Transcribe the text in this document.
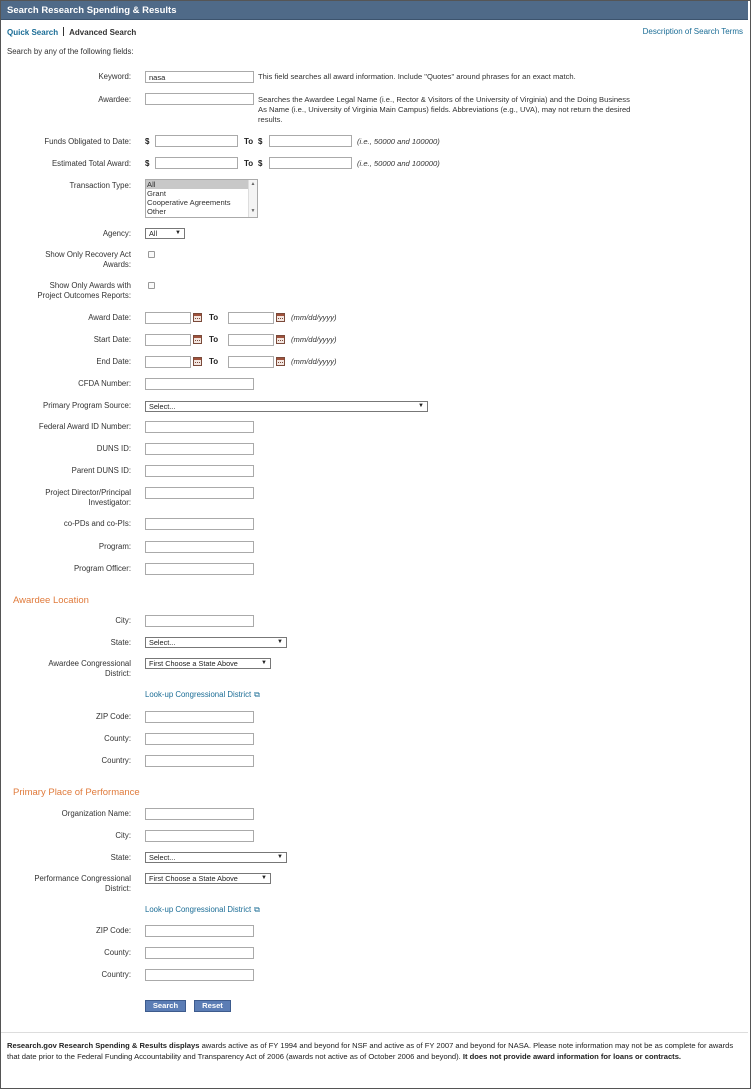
Search Research Spending & Results
Quick Search Advanced Search	Description of Search Terms
Search by any of the following fields:
Keyword:	nasa	This field searches all award information. Include "Quotes" around phrases for an exact match.
Awardee:	Searches the Awardee Legal Name (i.e., Rector & Visitors of the University of Virginia) and the Doing Business As Name (i.e., University of Virginia Main Campus) fields. Abbreviations (e.g., UVA), may not return the desired results.
Funds Obligated to Date: $	To $	(i.e., 50000 and 100000)
Estimated Total Award: $	To $	(i.e., 50000 and 100000)
Transaction Type: All
Grant
Cooperative Agreements
Other
▲

▼
Agency:	All	▼
Show Only Recovery Act
Awards:
Show Only Awards with
Project Outcomes Reports:
Award Date:	To	(mm/dd/yyyy)
Start Date:	To	(mm/dd/yyyy)
End Date:	To	(mm/dd/yyyy)
CFDA Number:
Primary Program Source:	Select...	▼
Federal Award ID Number:
DUNS ID:
Parent DUNS ID:
Project Director/Principal
Investigator:
co-PDs and co-PIs:
Program:
Program Officer:
Awardee Location
City:
State:	Select...	▼
Awardee Congressional
District:
First Choose a State Above	▼
Look-up Congressional District ⧉
ZIP Code:
County:
Country:
Primary Place of Performance
Organization Name:
City:
State:	Select...	▼
Performance Congressional
District:
First Choose a State Above	▼
Look-up Congressional District ⧉
ZIP Code:
County:
Country:
Search	Reset
Research.gov Research Spending & Results displays awards active as of FY 1994 and beyond for NSF and active as of FY 2007 and beyond for NASA. Please note information may not be as complete for awards that date prior to the Federal Funding Accountability and Transparency Act of 2006 (awards not active as of October 2006 and beyond). It does not provide award information for loans or contracts.
